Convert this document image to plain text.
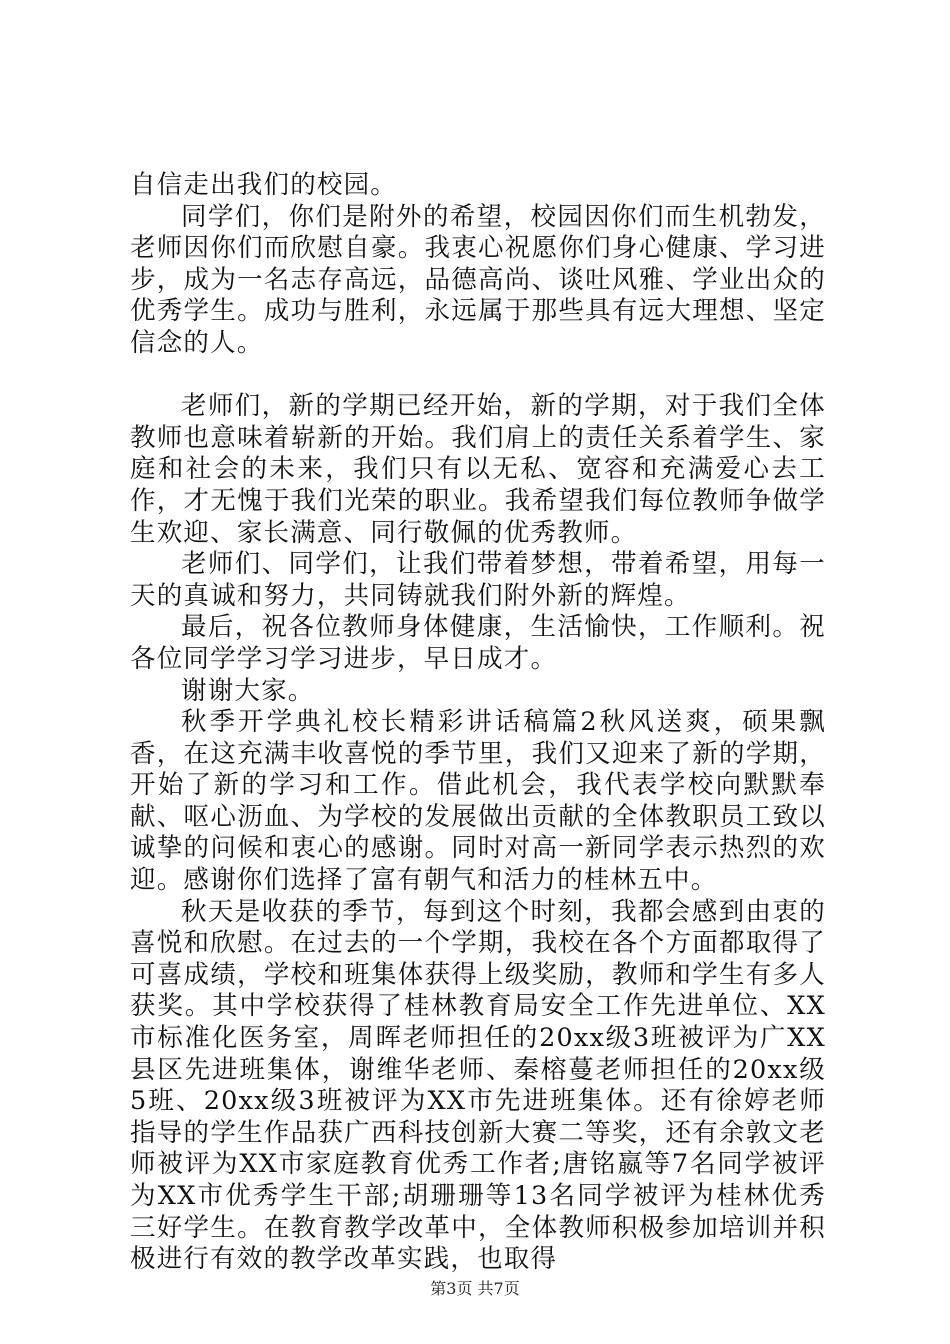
自信走出我们的校园。

同学们，你们是附外的希望，校园因你们而生机勃发，老师因你们而欣慰自豪。我衷心祝愿你们身心健康、学习进步，成为一名志存高远，品德高尚、谈吐风雅、学业出众的优秀学生。成功与胜利，永远属于那些具有远大理想、坚定信念的人。

老师们，新的学期已经开始，新的学期，对于我们全体教师也意味着崭新的开始。我们肩上的责任关系着学生、家庭和社会的未来，我们只有以无私、宽容和充满爱心去工作，才无愧于我们光荣的职业。我希望我们每位教师争做学生欢迎、家长满意、同行敬佩的优秀教师。

老师们、同学们，让我们带着梦想，带着希望，用每一天的真诚和努力，共同铸就我们附外新的辉煌。

最后，祝各位教师身体健康，生活愉快，工作顺利。祝各位同学学习学习进步，早日成才。

谢谢大家。

秋季开学典礼校长精彩讲话稿篇2秋风送爽，硕果飘香，在这充满丰收喜悦的季节里，我们又迎来了新的学期，开始了新的学习和工作。借此机会，我代表学校向默默奉献、呕心沥血、为学校的发展做出贡献的全体教职员工致以诚挚的问候和衷心的感谢。同时对高一新同学表示热烈的欢迎。感谢你们选择了富有朝气和活力的桂林五中。

秋天是收获的季节，每到这个时刻，我都会感到由衷的喜悦和欣慰。在过去的一个学期，我校在各个方面都取得了可喜成绩，学校和班集体获得上级奖励，教师和学生有多人获奖。其中学校获得了桂林教育局安全工作先进单位、XX市标准化医务室，周晖老师担任的20xx级3班被评为广XX县区先进班集体，谢维华老师、秦榕蔓老师担任的20xx级5班、20xx级3班被评为XX市先进班集体。还有徐婷老师指导的学生作品获广西科技创新大赛二等奖，还有余敦文老师被评为XX市家庭教育优秀工作者;唐铭嬴等7名同学被评为XX市优秀学生干部;胡珊珊等13名同学被评为桂林优秀三好学生。在教育教学改革中，全体教师积极参加培训并积极进行有效的教学改革实践，也取得

第3页 共7页
